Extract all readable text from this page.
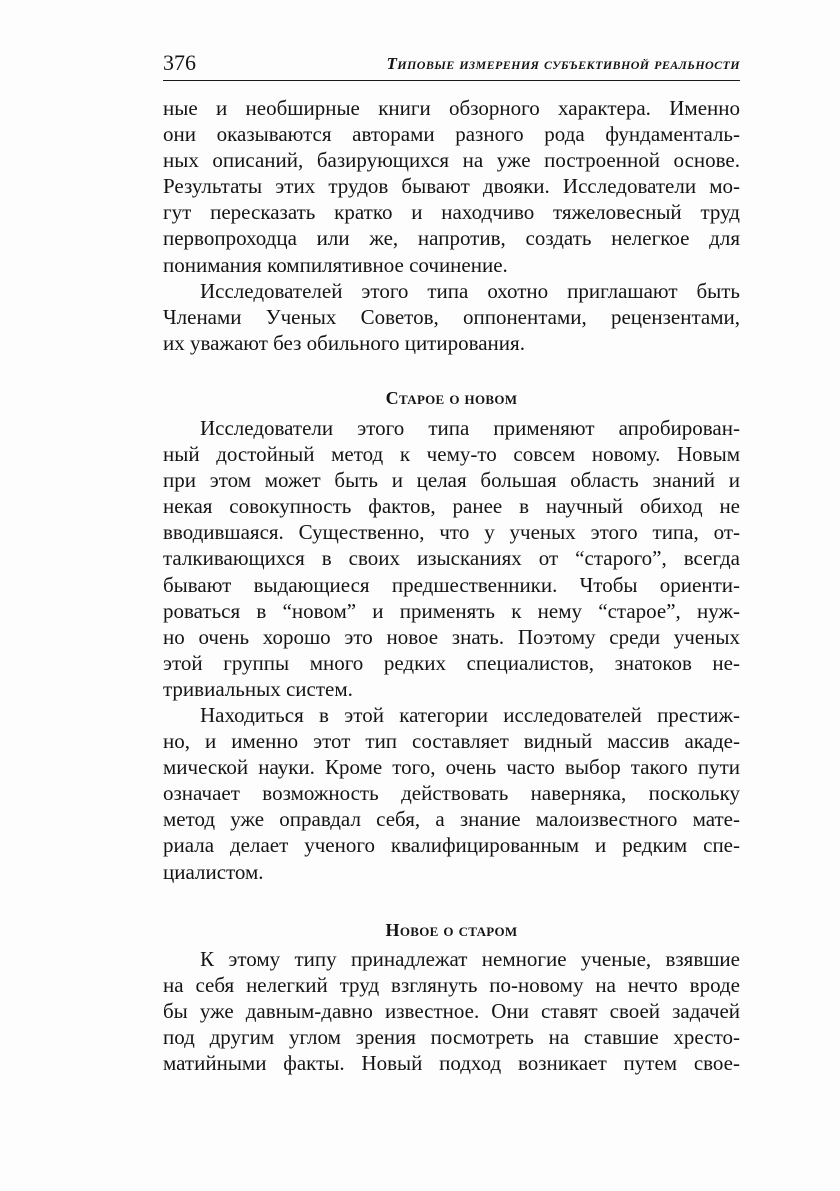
376	Типовые измерения субъективной реальности
ные и необширные книги обзорного характера. Именно
они оказываются авторами разного рода фундаменталь-
ных описаний, базирующихся на уже построенной основе.
Результаты этих трудов бывают двояки. Исследователи мо-
гут пересказать кратко и находчиво тяжеловесный труд
первопроходца или же, напротив, создать нелегкое для
понимания компилятивное сочинение.
Исследователей этого типа охотно приглашают быть
Членами Ученых Советов, оппонентами, рецензентами,
их уважают без обильного цитирования.
Старое о новом
Исследователи этого типа применяют апробирован-
ный достойный метод к чему-то совсем новому. Новым
при этом может быть и целая большая область знаний и
некая совокупность фактов, ранее в научный обиход не
вводившаяся. Существенно, что у ученых этого типа, от-
талкивающихся в своих изысканиях от “старого”, всегда
бывают выдающиеся предшественники. Чтобы ориенти-
роваться в “новом” и применять к нему “старое”, нуж-
но очень хорошо это новое знать. Поэтому среди ученых
этой группы много редких специалистов, знатоков не-
тривиальных систем.
Находиться в этой категории исследователей престиж-
но, и именно этот тип составляет видный массив акаде-
мической науки. Кроме того, очень часто выбор такого пути
означает возможность действовать наверняка, поскольку
метод уже оправдал себя, а знание малоизвестного мате-
риала делает ученого квалифицированным и редким спе-
циалистом.
Новое о старом
К этому типу принадлежат немногие ученые, взявшие
на себя нелегкий труд взглянуть по-новому на нечто вроде
бы уже давным-давно известное. Они ставят своей задачей
под другим углом зрения посмотреть на ставшие хресто-
матийными факты. Новый подход возникает путем свое-
